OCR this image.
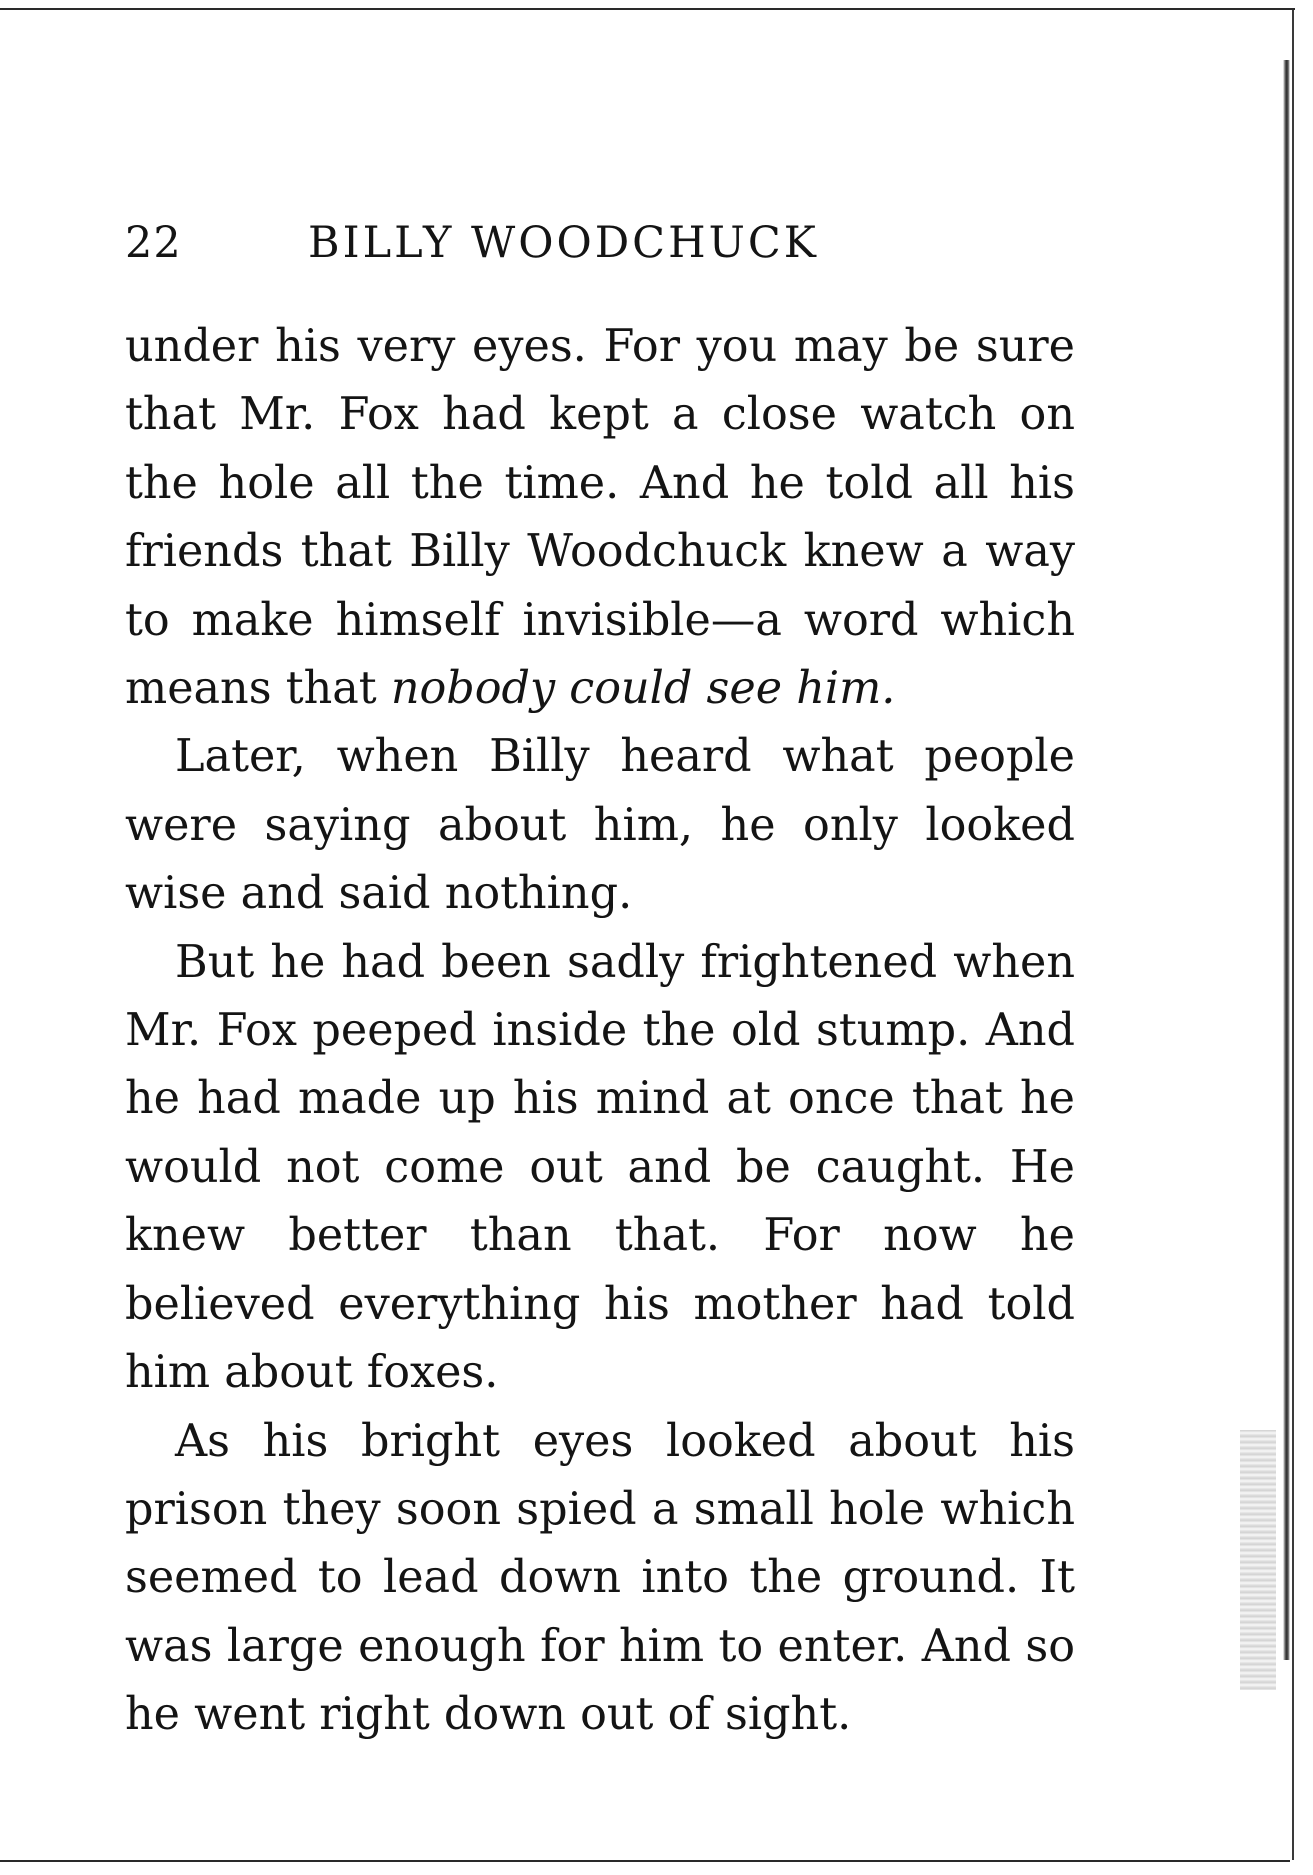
22	BILLY WOODCHUCK

under his very eyes. For you may be sure that Mr. Fox had kept a close watch on the hole all the time. And he told all his friends that Billy Woodchuck knew a way to make himself invisible—a word which means that nobody could see him.

Later, when Billy heard what people were saying about him, he only looked wise and said nothing.

But he had been sadly frightened when Mr. Fox peeped inside the old stump. And he had made up his mind at once that he would not come out and be caught. He knew better than that. For now he believed everything his mother had told him about foxes.

As his bright eyes looked about his prison they soon spied a small hole which seemed to lead down into the ground. It was large enough for him to enter. And so he went right down out of sight.
